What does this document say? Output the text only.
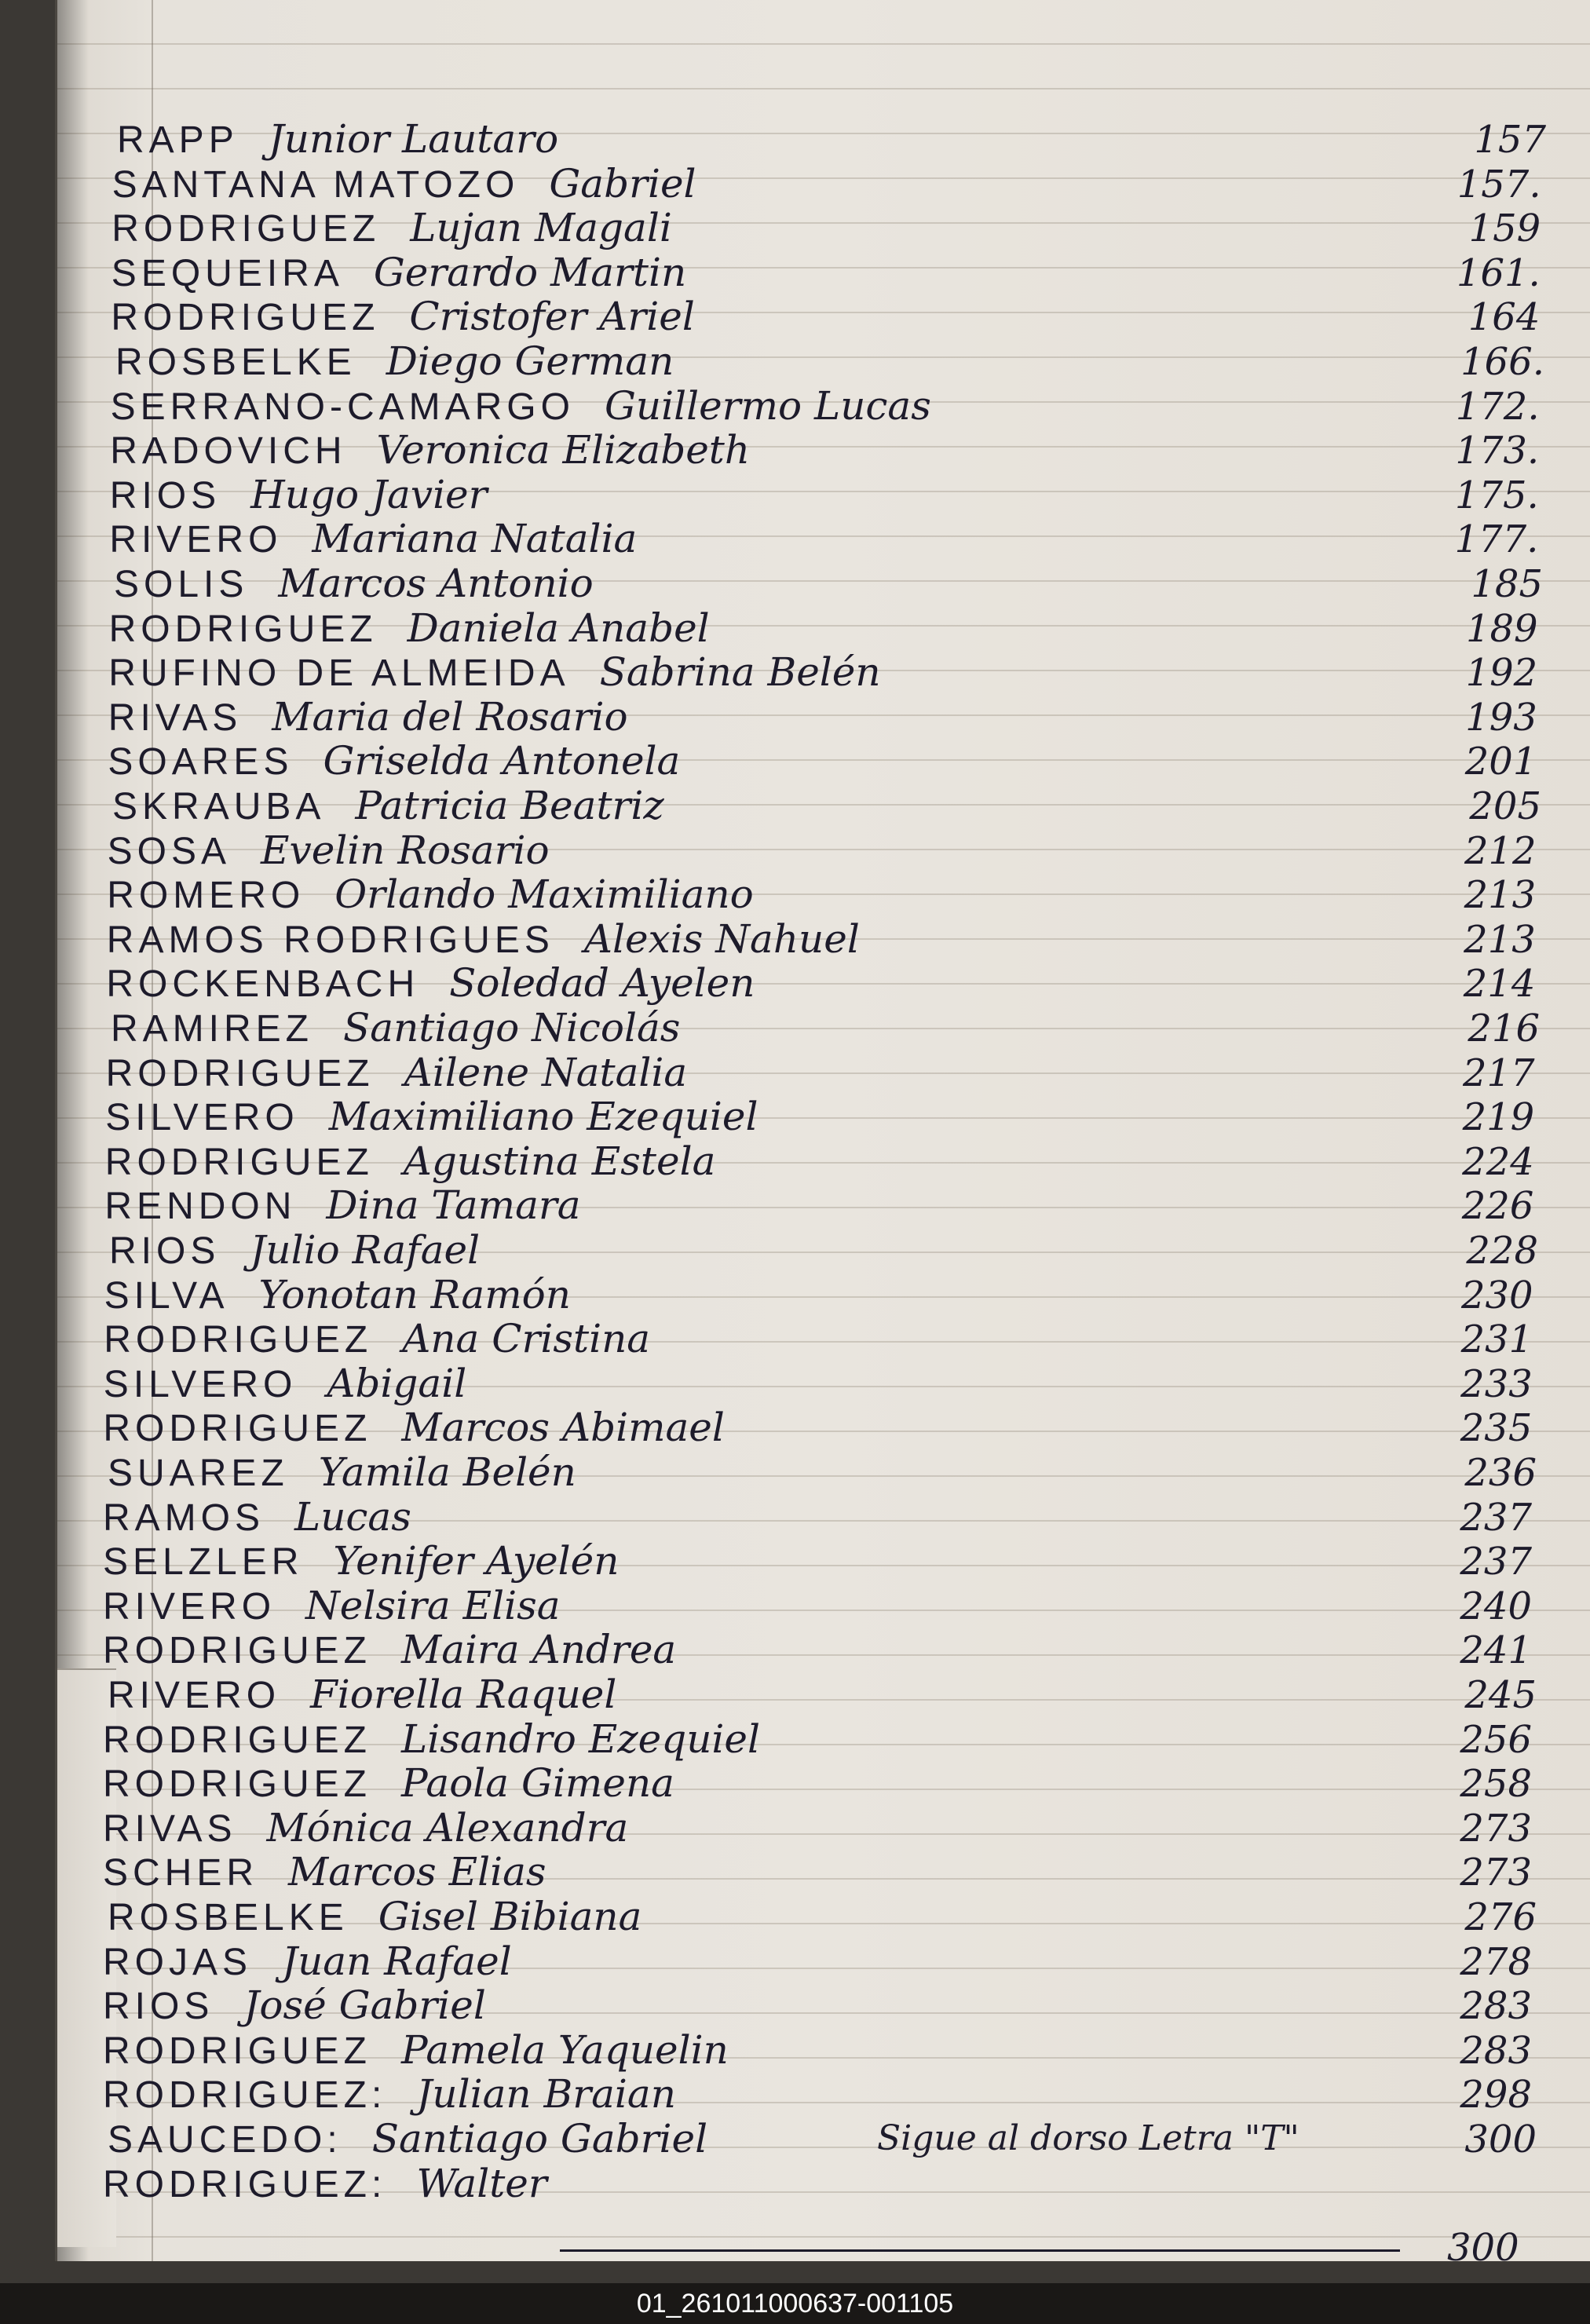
RAPP Junior Lautaro	157
SANTANA MATOZO Gabriel	157.
RODRIGUEZ Lujan Magali	159
SEQUEIRA Gerardo Martin	161.
RODRIGUEZ Cristofer Ariel	164
ROSBELKE Diego German	166.
SERRANO-CAMARGO Guillermo Lucas	172.
RADOVICH Veronica Elizabeth	173.
RIOS Hugo Javier	175.
RIVERO Mariana Natalia	177.
SOLIS Marcos Antonio	185
RODRIGUEZ Daniela Anabel	189
RUFINO DE ALMEIDA Sabrina Belén	192
RIVAS Maria del Rosario	193
SOARES Griselda Antonela	201
SKRAUBA Patricia Beatriz	205
SOSA Evelin Rosario	212
ROMERO Orlando Maximiliano	213
RAMOS RODRIGUES Alexis Nahuel	213
ROCKENBACH Soledad Ayelen	214
RAMIREZ Santiago Nicolás	216
RODRIGUEZ Ailene Natalia	217
SILVERO Maximiliano Ezequiel	219
RODRIGUEZ Agustina Estela	224
RENDON Dina Tamara	226
RIOS Julio Rafael	228
SILVA Yonotan Ramón	230
RODRIGUEZ Ana Cristina	231
SILVERO Abigail	233
RODRIGUEZ Marcos Abimael	235
SUAREZ Yamila Belén	236
RAMOS Lucas	237
SELZLER Yenifer Ayelén	237
RIVERO Nelsira Elisa	240
RODRIGUEZ Maira Andrea	241
RIVERO Fiorella Raquel	245
RODRIGUEZ Lisandro Ezequiel	256
RODRIGUEZ Paola Gimena	258
RIVAS Mónica Alexandra	273
SCHER Marcos Elias	273
ROSBELKE Gisel Bibiana	276
ROJAS Juan Rafael	278
RIOS José Gabriel	283
RODRIGUEZ Pamela Yaquelin	283
RODRIGUEZ: Julian Braian	298
SAUCEDO: Santiago Gabriel	Sigue al dorso Letra "T"	300
RODRIGUEZ: Walter
300
01_261011000637-001105
